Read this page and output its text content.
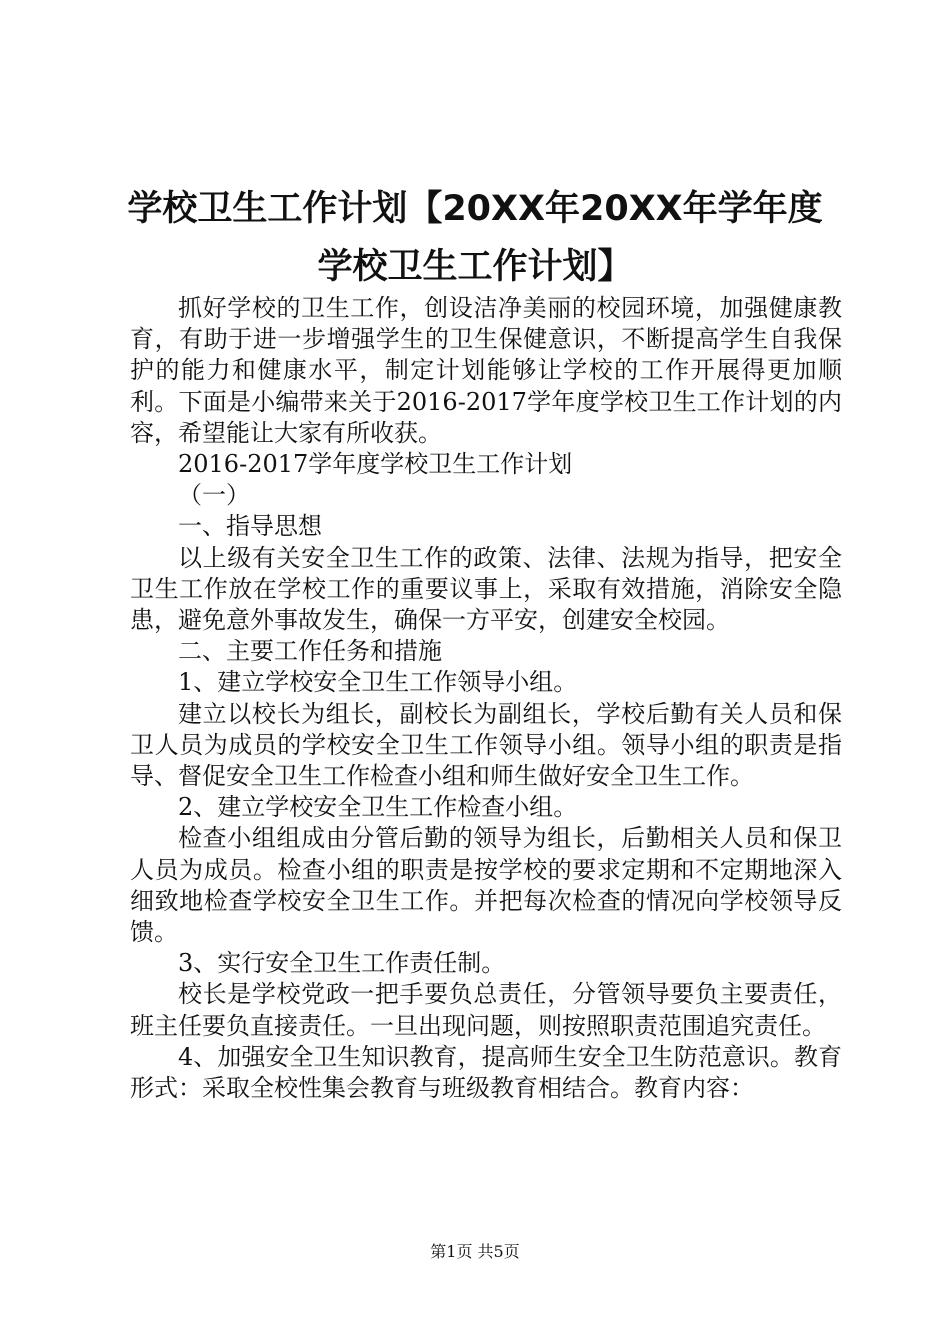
学校卫生工作计划【20XX年20XX年学年度学校卫生工作计划】

抓好学校的卫生工作，创设洁净美丽的校园环境，加强健康教育，有助于进一步增强学生的卫生保健意识，不断提高学生自我保护的能力和健康水平，制定计划能够让学校的工作开展得更加顺利。下面是小编带来关于2016-2017学年度学校卫生工作计划的内容，希望能让大家有所收获。

2016-2017学年度学校卫生工作计划

（一）

一、指导思想

以上级有关安全卫生工作的政策、法律、法规为指导，把安全卫生工作放在学校工作的重要议事上，采取有效措施，消除安全隐患，避免意外事故发生，确保一方平安，创建安全校园。

二、主要工作任务和措施

1、建立学校安全卫生工作领导小组。

建立以校长为组长，副校长为副组长，学校后勤有关人员和保卫人员为成员的学校安全卫生工作领导小组。领导小组的职责是指导、督促安全卫生工作检查小组和师生做好安全卫生工作。

2、建立学校安全卫生工作检查小组。

检查小组组成由分管后勤的领导为组长，后勤相关人员和保卫人员为成员。检查小组的职责是按学校的要求定期和不定期地深入细致地检查学校安全卫生工作。并把每次检查的情况向学校领导反馈。

3、实行安全卫生工作责任制。

校长是学校党政一把手要负总责任，分管领导要负主要责任，班主任要负直接责任。一旦出现问题，则按照职责范围追究责任。

4、加强安全卫生知识教育，提高师生安全卫生防范意识。教育形式：采取全校性集会教育与班级教育相结合。教育内容：

第1页 共5页
